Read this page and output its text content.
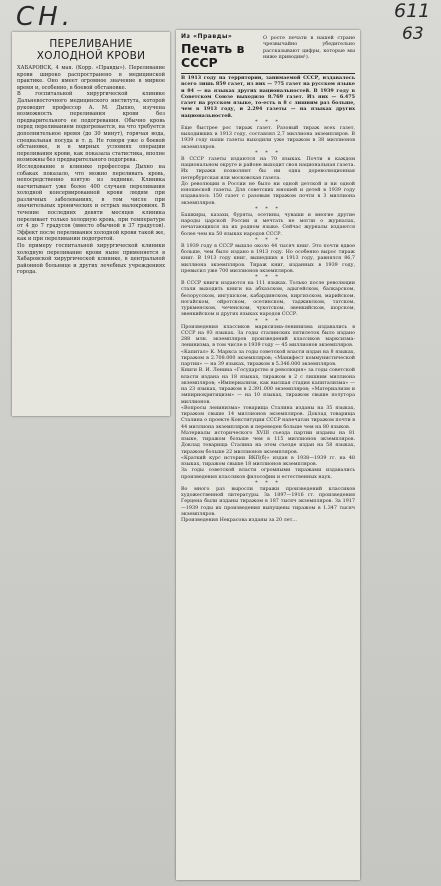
СН.	611
63
ПЕРЕЛИВАНИЕ
ХОЛОДНОЙ КРОВИ
ХАБАРОВСК, 4 мая. (Корр. «Правды»). Переливание крови широко распространено в медицинской практике. Оно имеет огромное значение в мирное время и, особенно, в боевой обстановке.
В госпитальной хирургической клинике Дальневосточного медицинского института, которой руководит профессор А. М. Дыхно, изучена возможность переливания крови без предварительного ее подогревания. Обычно кровь перед переливанием подогревается, на что требуется дополнительное время (до 30 минут), горячая вода, специальная посуда и т. д. Не говоря уже о боевой обстановке, и в мирных условиях операции переливания крови, как показала статистика, вполне возможны без предварительного подогрева.
Исследование в клинике профессора Дыхно на собаках показало, что можно переливать кровь, непосредственно взятую из леднике. Клиника насчитывает уже более 400 случаев переливания холодной консервированной крови людям при различных заболеваниях, в том числе при значительных хронических и острых малокровиях. В течение последних девяти месяцев клиника переливает только холодную кровь, при температуре от 4 до 7 градусов (вместо обычной в 37 градусов). Эффект после переливания холодной крови такой же, как и при переливании подогретой.
По примеру госпитальной хирургической клиники холодную переливание крови ныне применяется в Хабаровской хирургической клинике, в центральной районной больнице и других лечебных учреждениях города.
Из «Правды»
Печать в СССР
О росте печати в нашей стране чрезвычайно убедительно рассказывают цифры, которые мы ниже приводим¹).

В 1913 году на территории, занимаемой СССР, издавалось всего лишь 859 газет, из них — 775 газет на русском языке и 84 — на языках других национальностей. В 1939 году в Советском Союзе выходило 8.769 газет. Из них — 6.475 газет на русском языке, то-есть в 8 с лишним раз больше, чем в 1913 году, и 2.294 газеты — на языках других национальностей.

* * *

Еще быстрее рос тираж газет. Разовый тираж всех газет, выходивших в 1913 году, составлял 2,7 миллиона экземпляров. В 1939 году наши газеты выходили уже тиражом в 38 миллионов экземпляров.

* * *

В СССР газеты издаются на 70 языках. Почти в каждом национальном округе и районе выходит своя национальная газета. Их тиражи позволяют бы ни одна дореволюционная петербургская или московская газета.
До революции в России не было ни одной детской и ни одной юношеской газеты. Для советских юношей и детей в 1939 году издавалось 150 газет с разовым тиражом почти в 3 миллиона экземпляров.

* * *

Башкиры, казахи, буряты, осетины, чуваши и многие другие народы царской России и мечтать не могли о журналах, печатающихся на их родном языке. Сейчас журналы издаются более чем на 50 языках народов СССР.

* * *

В 1939 году в СССР вышло около 44 тысяч книг. Это почти вдвое больше, чем было издано в 1913 году. Но особенно вырос тираж книг. В 1913 году книг, вышедших в 1913 году, равнялся 86,7 миллиона экземпляров. Тираж книг, изданных в 1939 году, превысил уже 700 миллионов экземпляров.

* * *

В СССР книги издаются на 111 языках. Только после революции стали выходить книги на абхазском, адыгейском, балкарском, белорусском, ингушском, кабардинском, киргизском, марийском, ногайском, ойротском, осетинском, таджикском, татском, туркменском, чеченском, чукотском, эвенкийском, шорском, эвенкийском и других языках народов СССР.

* * *

Произведения классиков марксизма-ленинизма издавались в СССР на 93 языках. За годы сталинских пятилеток было издано 288 млн. экземпляров произведений классиков марксизма-ленинизма, в том числе в 1939 году — 45 миллионов экземпляров.
«Капитал» К. Маркса за годы советской власти издан на 8 языках, тиражом в 2.708.000 экземпляров; «Манифест коммунистической партии» — на 39 языках, тиражом в 5.346.000 экземпляров.
Книги В. И. Ленина «Государство и революция» за годы советской власти издана на 18 языках, тиражом в 2 с лишним миллиона экземпляров; «Империализм, как высшая стадия капитализма» — на 23 языках, тиражом в 2.391.000 экземпляров; «Материализм и эмпириокритицизм» — на 10 языках, тиражом свыше полутора миллионов.
«Вопросы ленинизма» товарища Сталина изданы на 35 языках, тиражом свыше 14 миллионов экземпляров. Доклад товарища Сталина о проекте Конституции СССР напечатан тиражом почти в 44 миллиона экземпляров и переведен больше чем на 80 языков.
Материалы исторического XVIII съезда партии изданы на 81 языке, тиражом больше чем в 115 миллионов экземпляров. Доклад товарища Сталина на этом съезде издан на 58 языках, тиражом больше 22 миллионов экземпляров.
«Краткий курс истории ВКП(б)» издан в 1938—1939 гг. на 48 языках, тиражом свыше 18 миллионов экземпляров.
За годы советской власти огромными тиражами издавались произведения классиков философии и естественных наук.

* * *

Во много раз выросли тиражи произведений классиков художественной литературы. За 1897—1916 гг. произведения Герцена были изданы тиражом в 187 тысяч экземпляров. За 1917—1939 годы их произведения выпущены тиражом в 1.347 тысяч экземпляров.
Произведения Некрасова изданы за 20 лет...
